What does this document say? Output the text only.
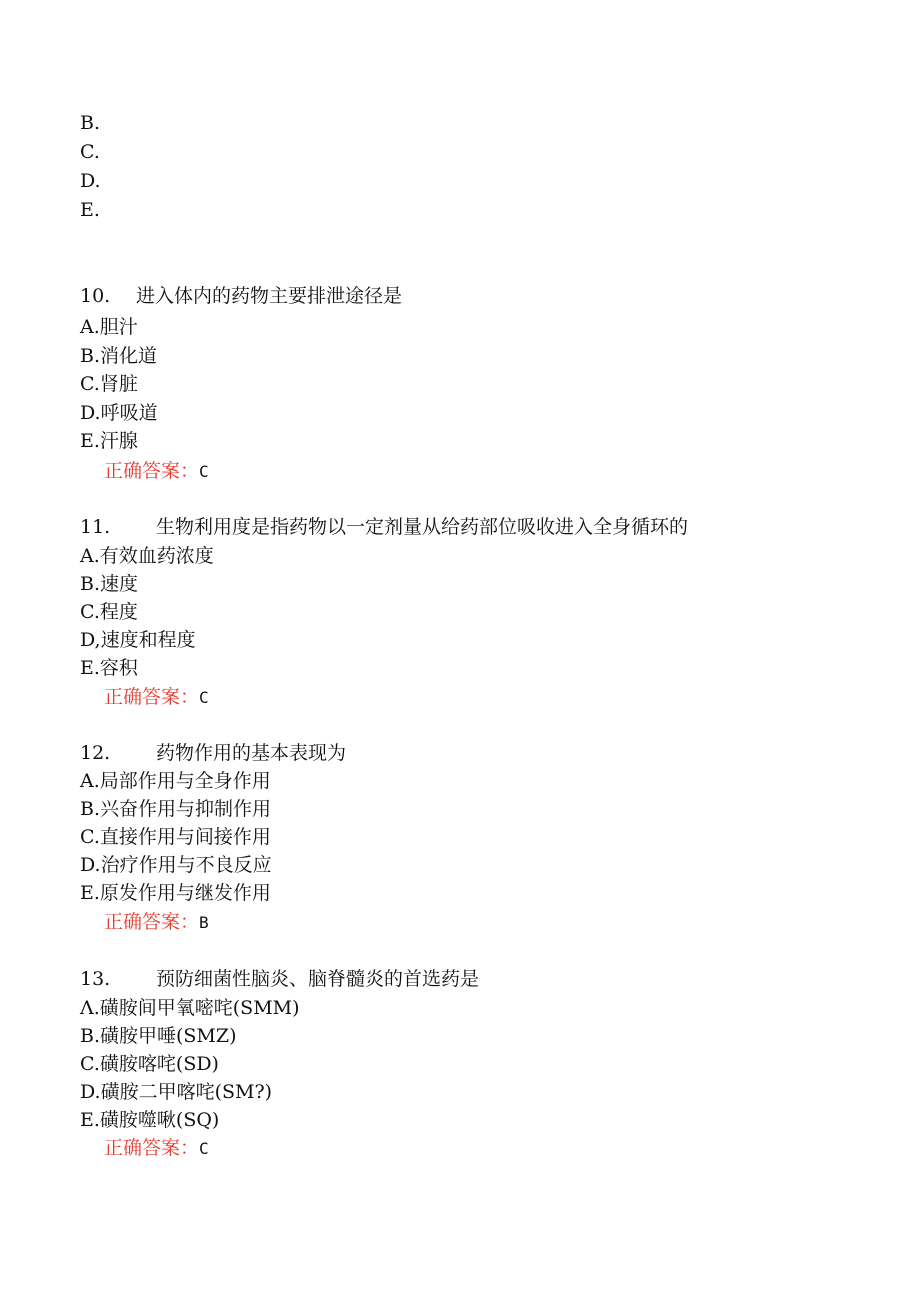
B.
C.
D.
E.
10. 进入体内的药物主要排泄途径是
A.胆汁
B.消化道
C.肾脏
D.呼吸道
E.汗腺
正确答案：C
11. 生物利用度是指药物以一定剂量从给药部位吸收进入全身循环的
A.有效血药浓度
B.速度
C.程度
D,速度和程度
E.容积
正确答案：C
12. 药物作用的基本表现为
A.局部作用与全身作用
B.兴奋作用与抑制作用
C.直接作用与间接作用
D.治疗作用与不良反应
E.原发作用与继发作用
正确答案：B
13. 预防细菌性脑炎、脑脊髓炎的首选药是
Λ.磺胺间甲氧嘧咤(SMM)
B.磺胺甲唾(SMZ)
C.磺胺喀咤(SD)
D.磺胺二甲喀咤(SM?)
E.磺胺噬啾(SQ)
正确答案：C
